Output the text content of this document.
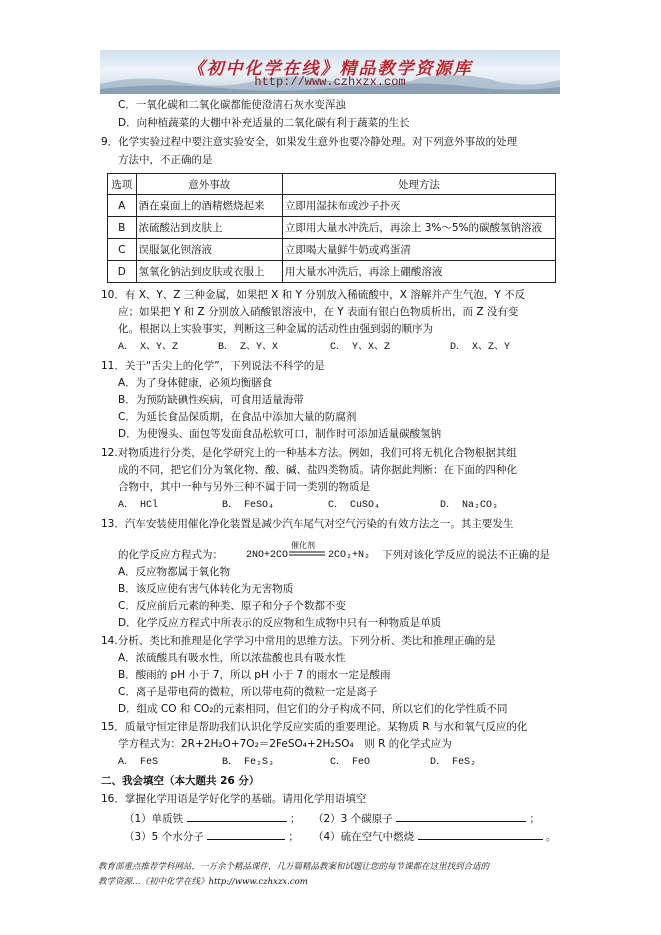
《初中化学在线》精品教学资源库
http://www.czhxzx.com
C．一氧化碳和二氧化碳都能使澄清石灰水变浑浊
D．向种植蔬菜的大棚中补充适量的二氧化碳有利于蔬菜的生长
9．化学实验过程中要注意实验安全，如果发生意外也要冷静处理。对下列意外事故的处理
方法中，不正确的是
选项	意外事故	处理方法
A	酒在桌面上的酒精燃烧起来	立即用湿抹布或沙子扑灭
B	浓硫酸沾到皮肤上	立即用大量水冲洗后，再涂上 3%～5%的碳酸氢钠溶液
C	误服氯化钡溶液	立即喝大量鲜牛奶或鸡蛋清
D	氢氧化钠沾到皮肤或衣服上	用大量水冲洗后，再涂上硼酸溶液
10．有 X、Y、Z 三种金属，如果把 X 和 Y 分别放入稀硫酸中，X 溶解并产生气泡，Y 不反
应；如果把 Y 和 Z 分别放入硝酸银溶液中，在 Y 表面有银白色物质析出，而 Z 没有变
化。根据以上实验事实，判断这三种金属的活动性由强到弱的顺序为
A． X、Y、Z	B． Z、Y、X	C． Y、X、Z	D． X、Z、Y
11．关于“舌尖上的化学”，下列说法不科学的是
A．为了身体健康，必须均衡膳食
B．为预防缺碘性疾病，可食用适量海带
C．为延长食品保质期，在食品中添加大量的防腐剂
D．为使馒头、面包等发面食品松软可口，制作时可添加适量碳酸氢钠
12.对物质进行分类，是化学研究上的一种基本方法。例如，我们可将无机化合物根据其组
成的不同，把它们分为氧化物、酸、碱、盐四类物质。请你据此判断：在下面的四种化
合物中，其中一种与另外三种不属于同一类别的物质是
A． HCl	B． FeSO₄	C． CuSO₄	D． Na₂CO₃
13．汽车安装使用催化净化装置是减少汽车尾气对空气污染的有效方法之一。其主要发生
的化学反应方程式为： 2NO+2CO
催化剂
2CO₂+N₂ 下列对该化学反应的说法不正确的是
A．反应物都属于氧化物
B．该反应使有害气体转化为无害物质
C．反应前后元素的种类、原子和分子个数都不变
D．化学反应方程式中所表示的反应物和生成物中只有一种物质是单质
14.分析、类比和推理是化学学习中常用的思维方法。下列分析、类比和推理正确的是
A．浓硫酸具有吸水性，所以浓盐酸也具有吸水性
B．酸雨的 pH 小于 7，所以 pH 小于 7 的雨水一定是酸雨
C．离子是带电荷的微粒，所以带电荷的微粒一定是离子
D．组成 CO 和 CO₂的元素相同，但它们的分子构成不同，所以它们的化学性质不同
15．质量守恒定律是帮助我们认识化学反应实质的重要理论。某物质 R 与水和氧气反应的化
学方程式为：2R+2H₂O+7O₂＝2FeSO₄+2H₂SO₄　则 R 的化学式应为
A． FeS	B． Fe₂S₃	C． FeO	D． FeS₂
二、我会填空（本大题共 26 分）
16．掌握化学用语是学好化学的基础。请用化学用语填空
（1）单质铁	； （2）3 个碳原子	；
（3）5 个水分子	； （4）硫在空气中燃烧	。
教育部重点推荐学科网站，一万余个精品课件，几万篇精品教案和试题让您的每节课都在这里找到合适的
教学资源…《初中化学在线》http://www.czhxzx.com
